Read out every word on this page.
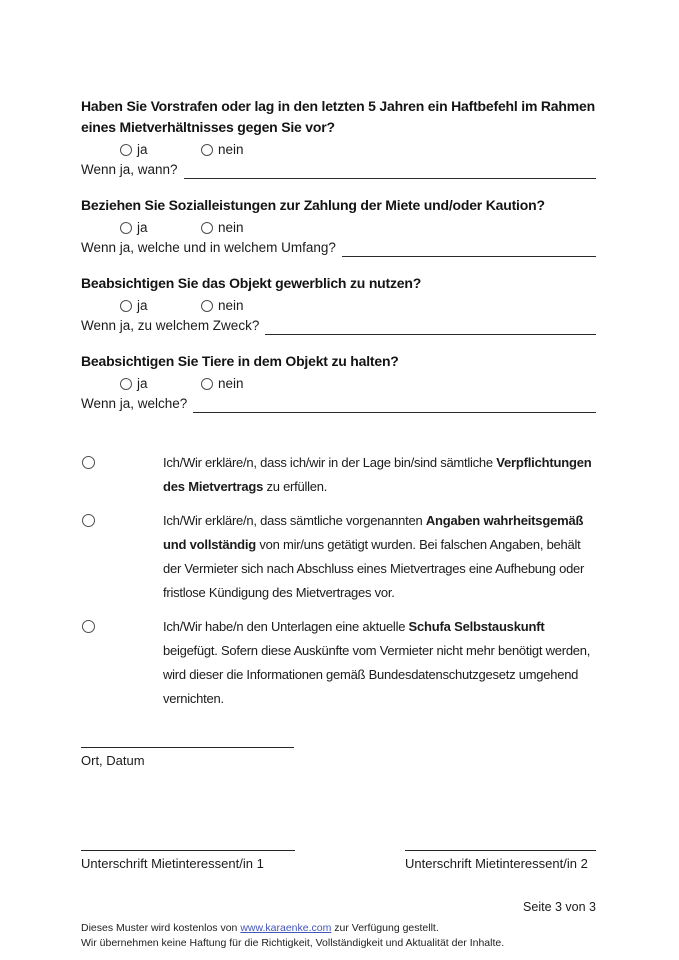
Haben Sie Vorstrafen oder lag in den letzten 5 Jahren ein Haftbefehl im Rahmen eines Mietverhältnisses gegen Sie vor?
ja	nein
Wenn ja, wann?
Beziehen Sie Sozialleistungen zur Zahlung der Miete und/oder Kaution?
ja	nein
Wenn ja, welche und in welchem Umfang?
Beabsichtigen Sie das Objekt gewerblich zu nutzen?
ja	nein
Wenn ja, zu welchem Zweck?
Beabsichtigen Sie Tiere in dem Objekt zu halten?
ja	nein
Wenn ja, welche?
Ich/Wir erkläre/n, dass ich/wir in der Lage bin/sind sämtliche Verpflichtungen des Mietvertrags zu erfüllen.
Ich/Wir erkläre/n, dass sämtliche vorgenannten Angaben wahrheitsgemäß und vollständig von mir/uns getätigt wurden. Bei falschen Angaben, behält der Vermieter sich nach Abschluss eines Mietvertrages eine Aufhebung oder fristlose Kündigung des Mietvertrages vor.
Ich/Wir habe/n den Unterlagen eine aktuelle Schufa Selbstauskunft beigefügt. Sofern diese Auskünfte vom Vermieter nicht mehr benötigt werden, wird dieser die Informationen gemäß Bundesdatenschutzgesetz umgehend vernichten.
Ort, Datum
Unterschrift Mietinteressent/in 1	Unterschrift Mietinteressent/in 2
Seite 3 von 3
Dieses Muster wird kostenlos von www.karaenke.com zur Verfügung gestellt.
Wir übernehmen keine Haftung für die Richtigkeit, Vollständigkeit und Aktualität der Inhalte.
